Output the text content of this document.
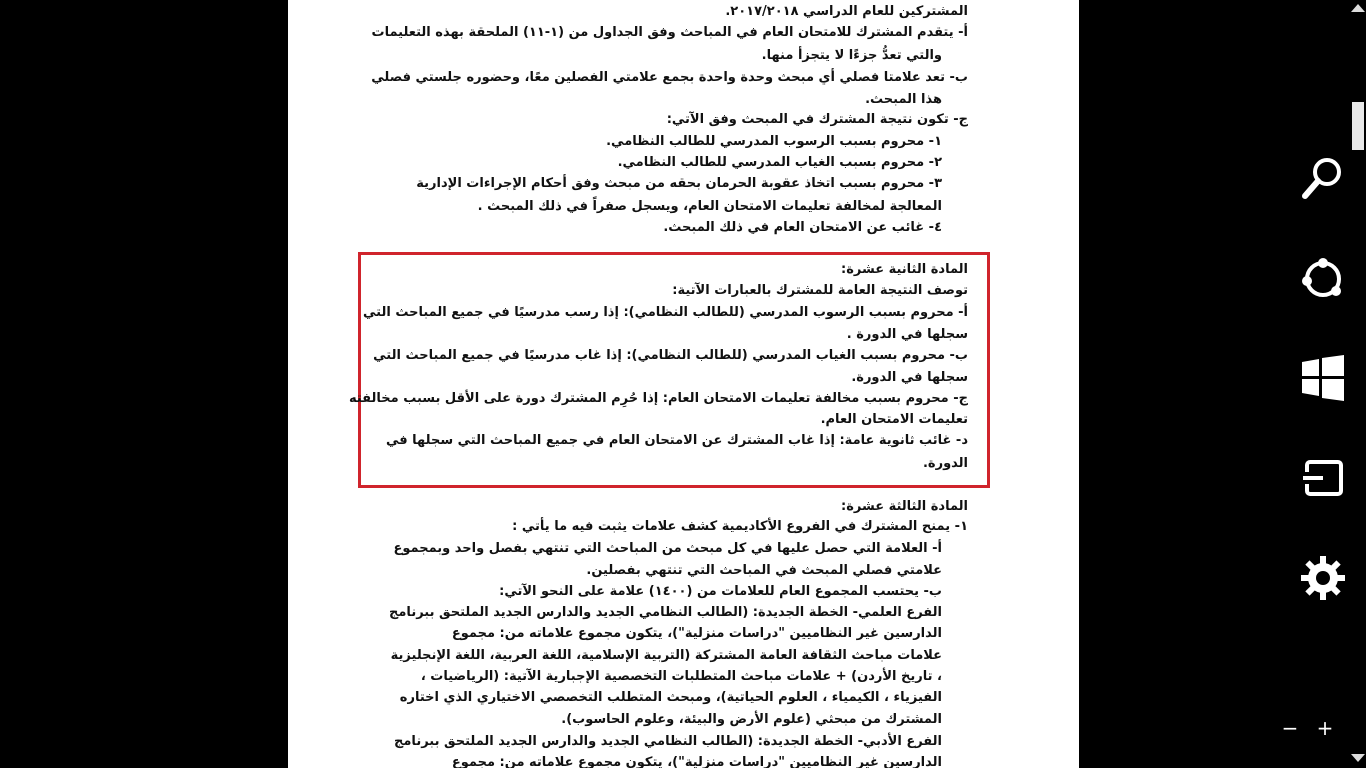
المشتركين للعام الدراسي ٢٠١٧/٢٠١٨.
أ- يتقدم المشترك للامتحان العام في المباحث وفق الجداول من (١-١١) الملحقة بهذه التعليمات
والتي تعدُّ جزءًا لا يتجزأ منها.
ب- تعد علامتا فصلي أي مبحث وحدة واحدة بجمع علامتي الفصلين معًا، وحضوره جلستي فصلي
هذا المبحث.
ج- تكون نتيجة المشترك في المبحث وفق الآتي:
١- محروم بسبب الرسوب المدرسي للطالب النظامي.
٢- محروم بسبب الغياب المدرسي للطالب النظامي.
٣- محروم بسبب اتخاذ عقوبة الحرمان بحقه من مبحث وفق أحكام الإجراءات الإدارية
المعالجة لمخالفة تعليمات الامتحان العام، ويسجل صفراً في ذلك المبحث .
٤- غائب عن الامتحان العام في ذلك المبحث.
المادة الثانية عشرة:
توصف النتيجة العامة للمشترك بالعبارات الآتية:
أ- محروم بسبب الرسوب المدرسي (للطالب النظامي): إذا رسب مدرسيًا في جميع المباحث التي
سجلها في الدورة .
ب- محروم بسبب الغياب المدرسي (للطالب النظامي): إذا غاب مدرسيًا في جميع المباحث التي
سجلها في الدورة.
ج- محروم بسبب مخالفة تعليمات الامتحان العام: إذا حُرِم المشترك دورة على الأقل بسبب مخالفته
تعليمات الامتحان العام.
د- غائب ثانوية عامة: إذا غاب المشترك عن الامتحان العام في جميع المباحث التي سجلها في
الدورة.
المادة الثالثة عشرة:
١- يمنح المشترك في الفروع الأكاديمية كشف علامات يثبت فيه ما يأتي :
أ- العلامة التي حصل عليها في كل مبحث من المباحث التي تنتهي بفصل واحد وبمجموع
علامتي فصلي المبحث في المباحث التي تنتهي بفصلين.
ب- يحتسب المجموع العام للعلامات من (١٤٠٠) علامة على النحو الآتي:
الفرع العلمي- الخطة الجديدة: (الطالب النظامي الجديد والدارس الجديد الملتحق ببرنامج
الدارسين غير النظاميين "دراسات منزلية")، يتكون مجموع علاماته من: مجموع
علامات مباحث الثقافة العامة المشتركة (التربية الإسلامية، اللغة العربية، اللغة الإنجليزية
، تاريخ الأردن) + علامات مباحث المتطلبات التخصصية الإجبارية الآتية: (الرياضيات ،
الفيزياء ، الكيمياء ، العلوم الحياتية)، ومبحث المتطلب التخصصي الاختياري الذي اختاره
المشترك من مبحثي (علوم الأرض والبيئة، وعلوم الحاسوب).
الفرع الأدبي- الخطة الجديدة: (الطالب النظامي الجديد والدارس الجديد الملتحق ببرنامج
الدارسين غير النظاميين "دراسات منزلية")، يتكون مجموع علاماته من: مجموع
− +
